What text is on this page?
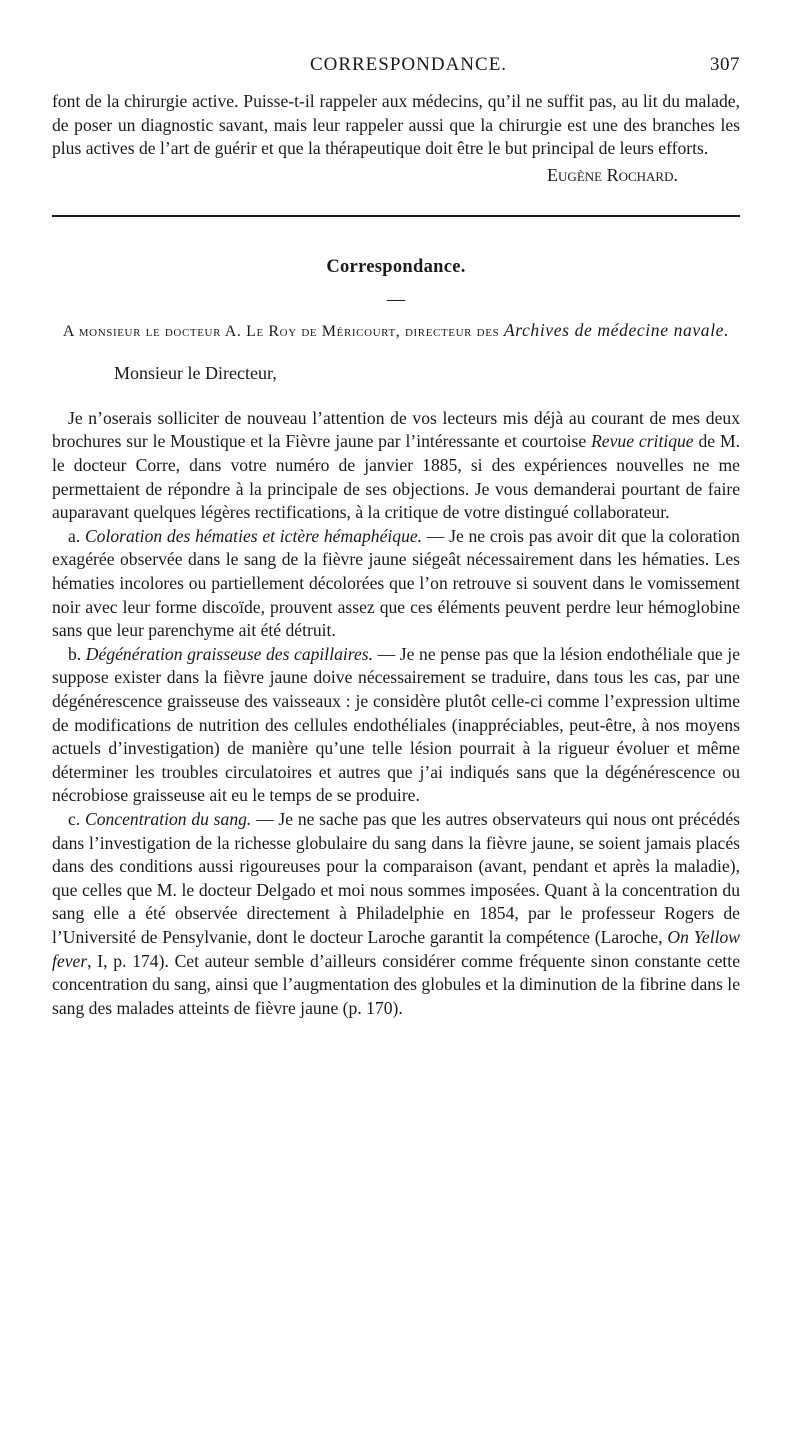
CORRESPONDANCE.	307

font de la chirurgie active. Puisse-t-il rappeler aux médecins, qu’il ne suffit pas, au lit du malade, de poser un diagnostic savant, mais leur rappeler aussi que la chirurgie est une des branches les plus actives de l’art de guérir et que la thérapeutique doit être le but principal de leurs efforts.

Eugène Rochard.
Correspondance.
A monsieur le docteur A. Le Roy de Méricourt, directeur des Archives de médecine navale.
Monsieur le Directeur,

Je n’oserais solliciter de nouveau l’attention de vos lecteurs mis déjà au courant de mes deux brochures sur le Moustique et la Fièvre jaune par l’intéressante et courtoise Revue critique de M. le docteur Corre, dans votre numéro de janvier 1885, si des expériences nouvelles ne me permettaient de répondre à la principale de ses objections. Je vous demanderai pourtant de faire auparavant quelques légères rectifications, à la critique de votre distingué collaborateur.

a. Coloration des hématies et ictère hémaphéique. — Je ne crois pas avoir dit que la coloration exagérée observée dans le sang de la fièvre jaune siégeât nécessairement dans les hématies. Les hématies incolores ou partiellement décolorées que l’on retrouve si souvent dans le vomissement noir avec leur forme discoïde, prouvent assez que ces éléments peuvent perdre leur hémoglobine sans que leur parenchyme ait été détruit.

b. Dégénération graisseuse des capillaires. — Je ne pense pas que la lésion endothéliale que je suppose exister dans la fièvre jaune doive nécessairement se traduire, dans tous les cas, par une dégénérescence graisseuse des vaisseaux : je considère plutôt celle-ci comme l’expression ultime de modifications de nutrition des cellules endothéliales (inappréciables, peut-être, à nos moyens actuels d’investigation) de manière qu’une telle lésion pourrait à la rigueur évoluer et même déterminer les troubles circulatoires et autres que j’ai indiqués sans que la dégénérescence ou nécrobiose graisseuse ait eu le temps de se produire.

c. Concentration du sang. — Je ne sache pas que les autres observateurs qui nous ont précédés dans l’investigation de la richesse globulaire du sang dans la fièvre jaune, se soient jamais placés dans des conditions aussi rigoureuses pour la comparaison (avant, pendant et après la maladie), que celles que M. le docteur Delgado et moi nous sommes imposées. Quant à la concentration du sang elle a été observée directement à Philadelphie en 1854, par le professeur Rogers de l’Université de Pensylvanie, dont le docteur Laroche garantit la compétence (Laroche, On Yellow fever, I, p. 174). Cet auteur semble d’ailleurs considérer comme fréquente sinon constante cette concentration du sang, ainsi que l’augmentation des globules et la diminution de la fibrine dans le sang des malades atteints de fièvre jaune (p. 170).
